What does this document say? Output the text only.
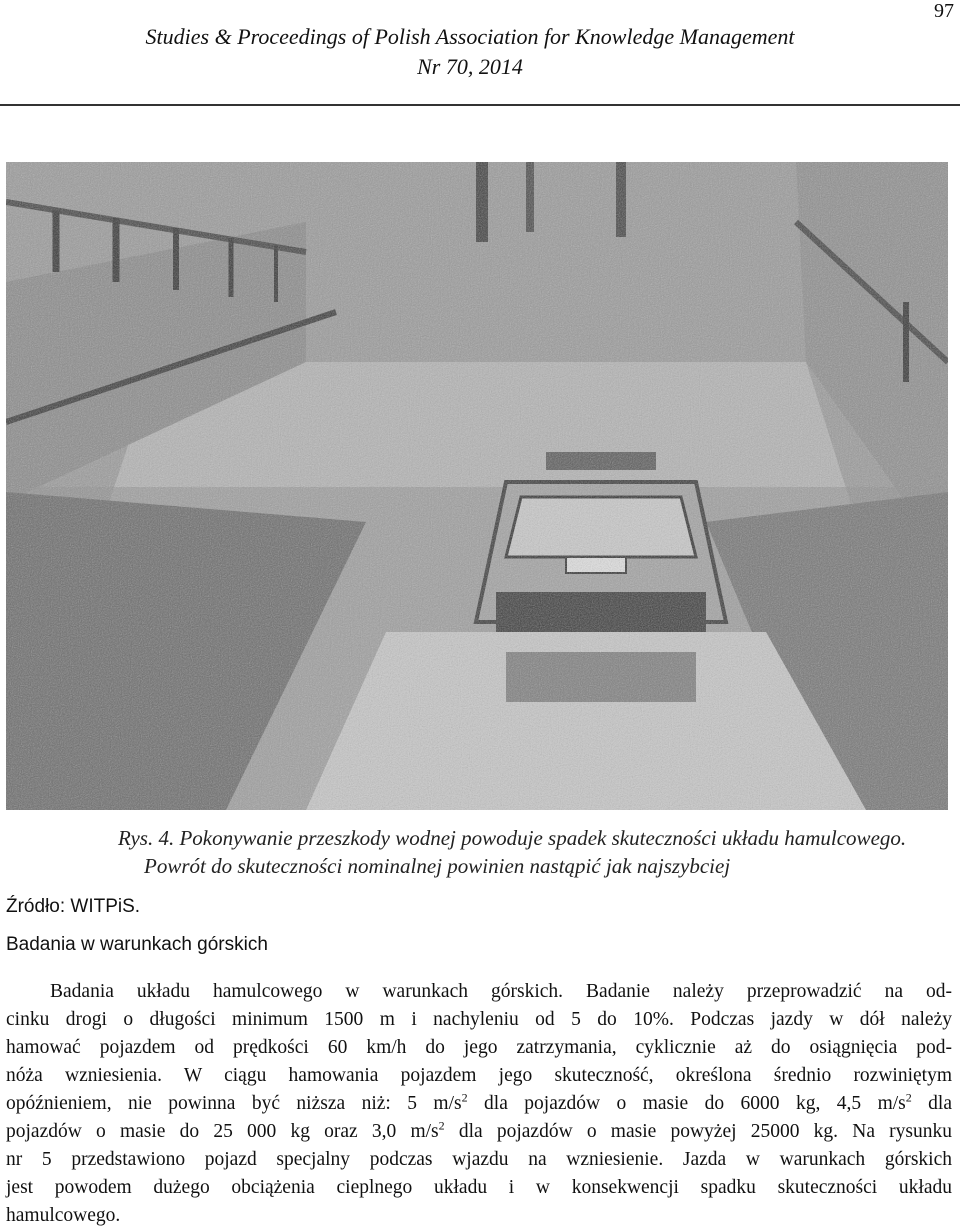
97
Studies & Proceedings of Polish Association for Knowledge Management
Nr 70, 2014
Rys. 4. Pokonywanie przeszkody wodnej powoduje spadek skuteczności układu hamulcowego.
Powrót do skuteczności nominalnej powinien nastąpić jak najszybciej
Źródło: WITPiS.
Badania w warunkach górskich
Badania układu hamulcowego w warunkach górskich. Badanie należy przeprowadzić na od-
cinku drogi o długości minimum 1500 m i nachyleniu od 5 do 10%. Podczas jazdy w dół należy
hamować pojazdem od prędkości 60 km/h do jego zatrzymania, cyklicznie aż do osiągnięcia pod-
nóża wzniesienia. W ciągu hamowania pojazdem jego skuteczność, określona średnio rozwiniętym
opóźnieniem, nie powinna być niższa niż: 5 $m/s^2$ dla pojazdów o masie do 6000 kg, 4,5 $m/s^2$ dla
pojazdów o masie do 25 000 kg oraz 3,0 $m/s^2$ dla pojazdów o masie powyżej 25000 kg. Na rysunku
nr 5 przedstawiono pojazd specjalny podczas wjazdu na wzniesienie. Jazda w warunkach górskich
jest powodem dużego obciążenia cieplnego układu i w konsekwencji spadku skuteczności układu
hamulcowego.
